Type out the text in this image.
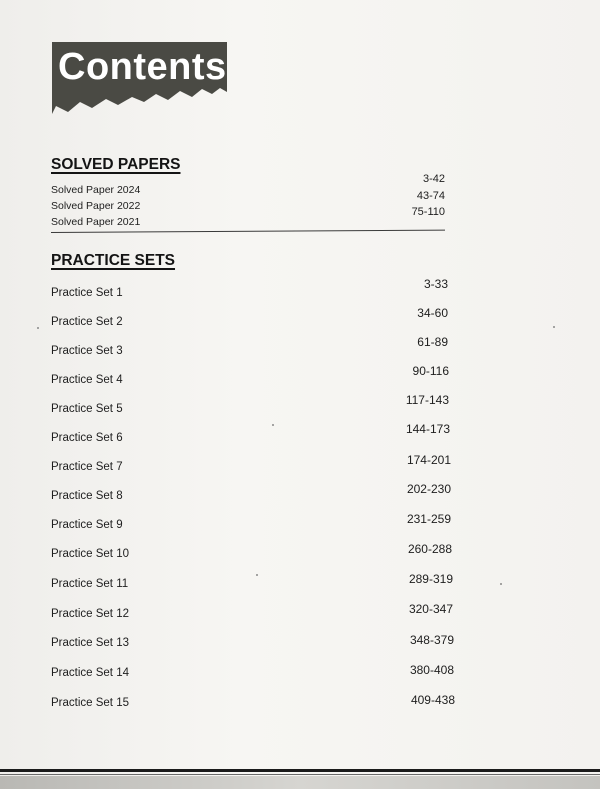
Contents
SOLVED PAPERS
Solved Paper 2024
Solved Paper 2022
Solved Paper 2021
3-42
43-74
75-110
PRACTICE SETS
Practice Set 1
Practice Set 2
Practice Set 3
Practice Set 4
Practice Set 5
Practice Set 6
Practice Set 7
Practice Set 8
Practice Set 9
Practice Set 10
Practice Set 11
Practice Set 12
Practice Set 13
Practice Set 14
Practice Set 15
3-33
34-60
61-89
90-116
117-143
144-173
174-201
202-230
231-259
260-288
289-319
320-347
348-379
380-408
409-438
